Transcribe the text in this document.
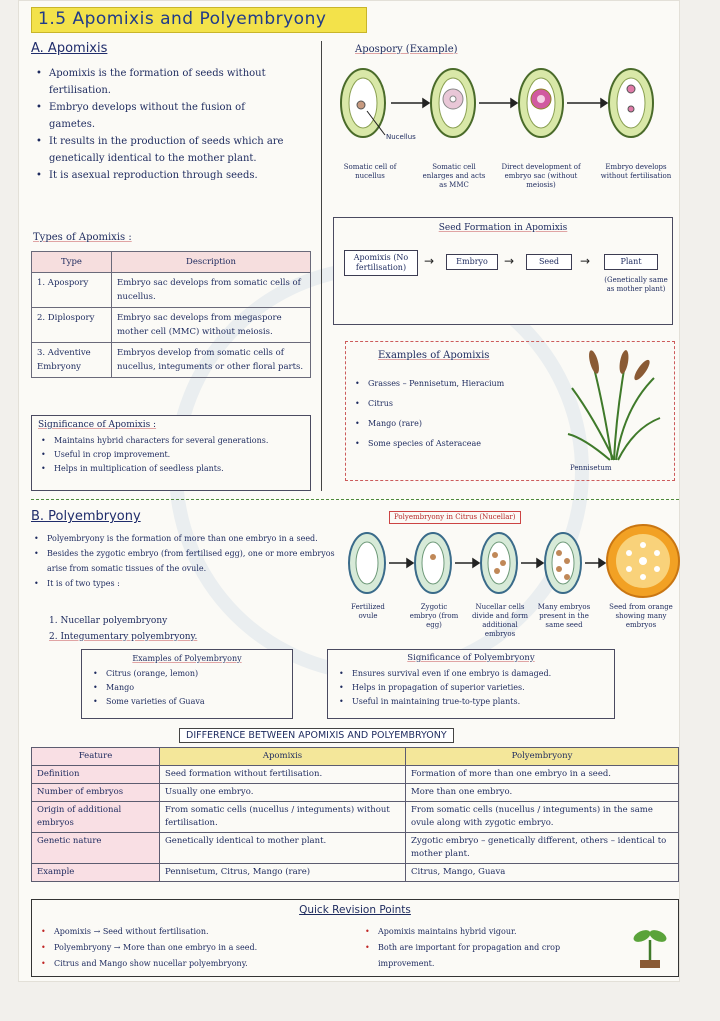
1.5 Apomixis and Polyembryony
A. Apomixis
• Apomixis is the formation of seeds without fertilisation.
• Embryo develops without the fusion of gametes.
• It results in the production of seeds which are genetically identical to the mother plant.
• It is asexual reproduction through seeds.
Types of Apomixis :
Type	Description
1. Apospory	Embryo sac develops from somatic cells of nucellus.
2. Diplospory	Embryo sac develops from megaspore mother cell (MMC) without meiosis.
3. Adventive Embryony	Embryos develop from somatic cells of nucellus, integuments or other floral parts.
Significance of Apomixis :
• Maintains hybrid characters for several generations.
• Useful in crop improvement.
• Helps in multiplication of seedless plants.
Apospory (Example)
Nucellus
Somatic cell of nucellus
Somatic cell enlarges and acts as MMC
Direct development of embryo sac (without meiosis)
Embryo develops without fertilisation
Seed Formation in Apomixis
Apomixis (No fertilisation)	→	Embryo	→	Seed	→	Plant
(Genetically same as mother plant)
Examples of Apomixis
• Grasses – Pennisetum, Hieracium
• Citrus
• Mango (rare)
• Some species of Asteraceae
Pennisetum
B. Polyembryony
• Polyembryony is the formation of more than one embryo in a seed.
• Besides the zygotic embryo (from fertilised egg), one or more embryos arise from somatic tissues of the ovule.
• It is of two types :
1. Nucellar polyembryony
2. Integumentary polyembryony.
Polyembryony in Citrus (Nucellar)
Fertilized ovule
Zygotic embryo (from egg)
Nucellar cells divide and form additional embryos
Many embryos present in the same seed
Seed from orange showing many embryos
Examples of Polyembryony
• Citrus (orange, lemon)
• Mango
• Some varieties of Guava
Significance of Polyembryony
• Ensures survival even if one embryo is damaged.
• Helps in propagation of superior varieties.
• Useful in maintaining true-to-type plants.
DIFFERENCE BETWEEN APOMIXIS AND POLYEMBRYONY
Feature	Apomixis	Polyembryony
Definition	Seed formation without fertilisation.	Formation of more than one embryo in a seed.
Number of embryos	Usually one embryo.	More than one embryo.
Origin of additional embryos	From somatic cells (nucellus / integuments) without fertilisation.	From somatic cells (nucellus / integuments) in the same ovule along with zygotic embryo.
Genetic nature	Genetically identical to mother plant.	Zygotic embryo – genetically different, others – identical to mother plant.
Example	Pennisetum, Citrus, Mango (rare)	Citrus, Mango, Guava
Quick Revision Points
• Apomixis → Seed without fertilisation.
• Polyembryony → More than one embryo in a seed.
• Citrus and Mango show nucellar polyembryony.
• Apomixis maintains hybrid vigour.
• Both are important for propagation and crop improvement.
